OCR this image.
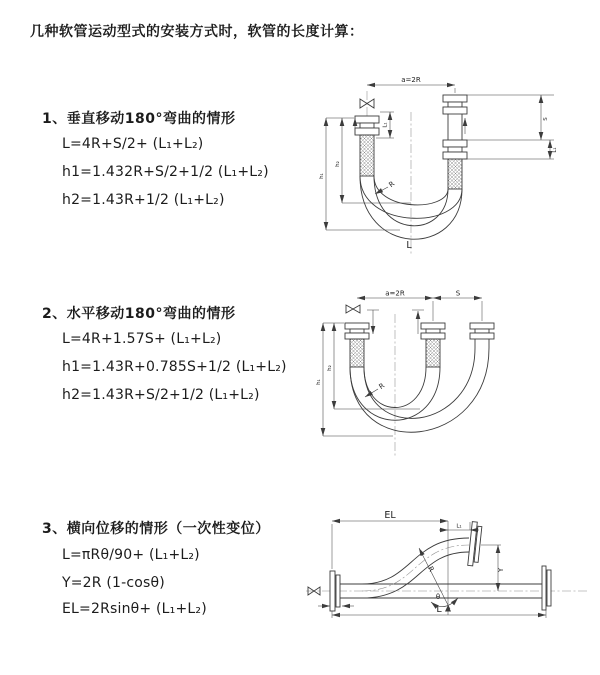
几种软管运动型式的安装方式时，软管的长度计算：
1、垂直移动180°弯曲的情形
L=4R+S/2+ (L₁+L₂)
h1=1.432R+S/2+1/2 (L₁+L₂)
h2=1.43R+1/2 (L₁+L₂)
2、水平移动180°弯曲的情形
L=4R+1.57S+ (L₁+L₂)
h1=1.43R+0.785S+1/2 (L₁+L₂)
h2=1.43R+S/2+1/2 (L₁+L₂)
3、横向位移的情形（一次性变位）
L=πRθ/90+ (L₁+L₂)
Y=2R (1-cosθ)
EL=2Rsinθ+ (L₁+L₂)
a=2R
h₁
h₂
L₁
S
L₁
R
L
a=2R	S
h₁
h₂
R
EL
L₁
Y
L
R
θ
